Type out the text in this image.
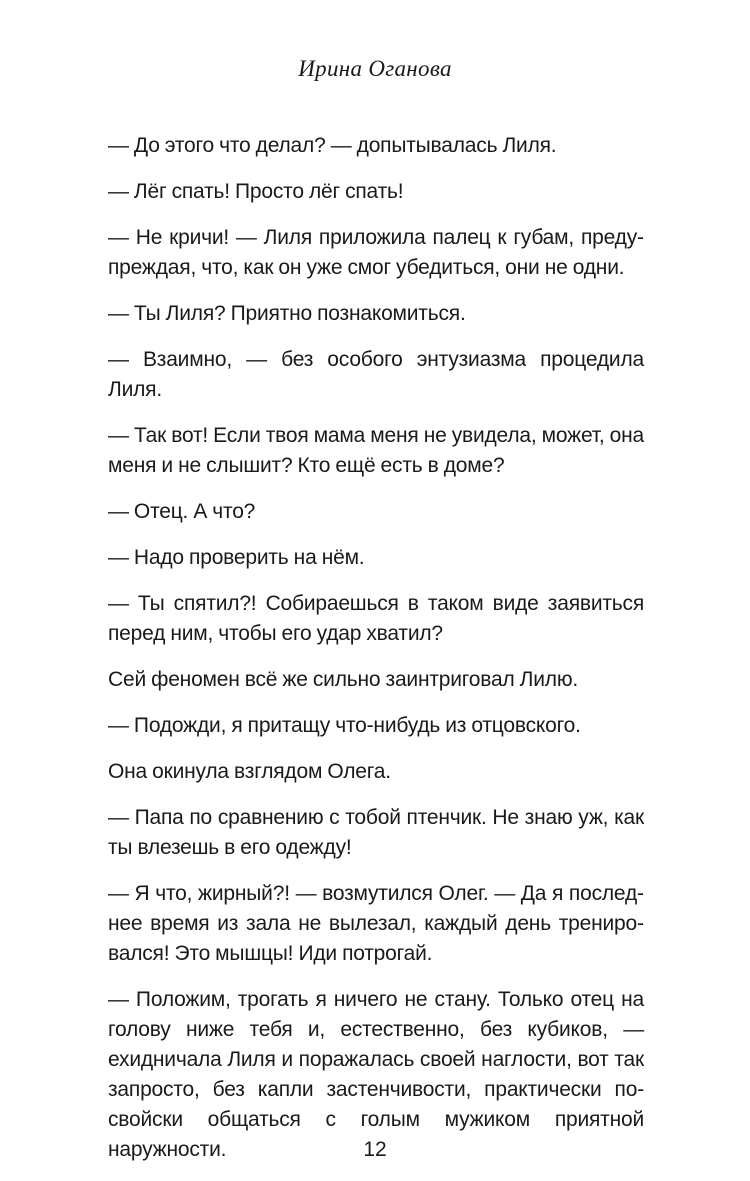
Ирина Оганова

— До этого что делал? — допытывалась Лиля.

— Лёг спать! Просто лёг спать!

— Не кричи! — Лиля приложила палец к губам, предупреждая, что, как он уже смог убедиться, они не одни.

— Ты Лиля? Приятно познакомиться.

— Взаимно, — без особого энтузиазма процедила Лиля.

— Так вот! Если твоя мама меня не увидела, может, она меня и не слышит? Кто ещё есть в доме?

— Отец. А что?

— Надо проверить на нём.

— Ты спятил?! Собираешься в таком виде заявиться перед ним, чтобы его удар хватил?

Сей феномен всё же сильно заинтриговал Лилю.

— Подожди, я притащу что-нибудь из отцовского.

Она окинула взглядом Олега.

— Папа по сравнению с тобой птенчик. Не знаю уж, как ты влезешь в его одежду!

— Я что, жирный?! — возмутился Олег. — Да я последнее время из зала не вылезал, каждый день тренировался! Это мышцы! Иди потрогай.

— Положим, трогать я ничего не стану. Только отец на голову ниже тебя и, естественно, без кубиков, — ехидничала Лиля и поражалась своей наглости, вот так запросто, без капли застенчивости, практически по-свойски общаться с голым мужиком приятной наружности.	12
